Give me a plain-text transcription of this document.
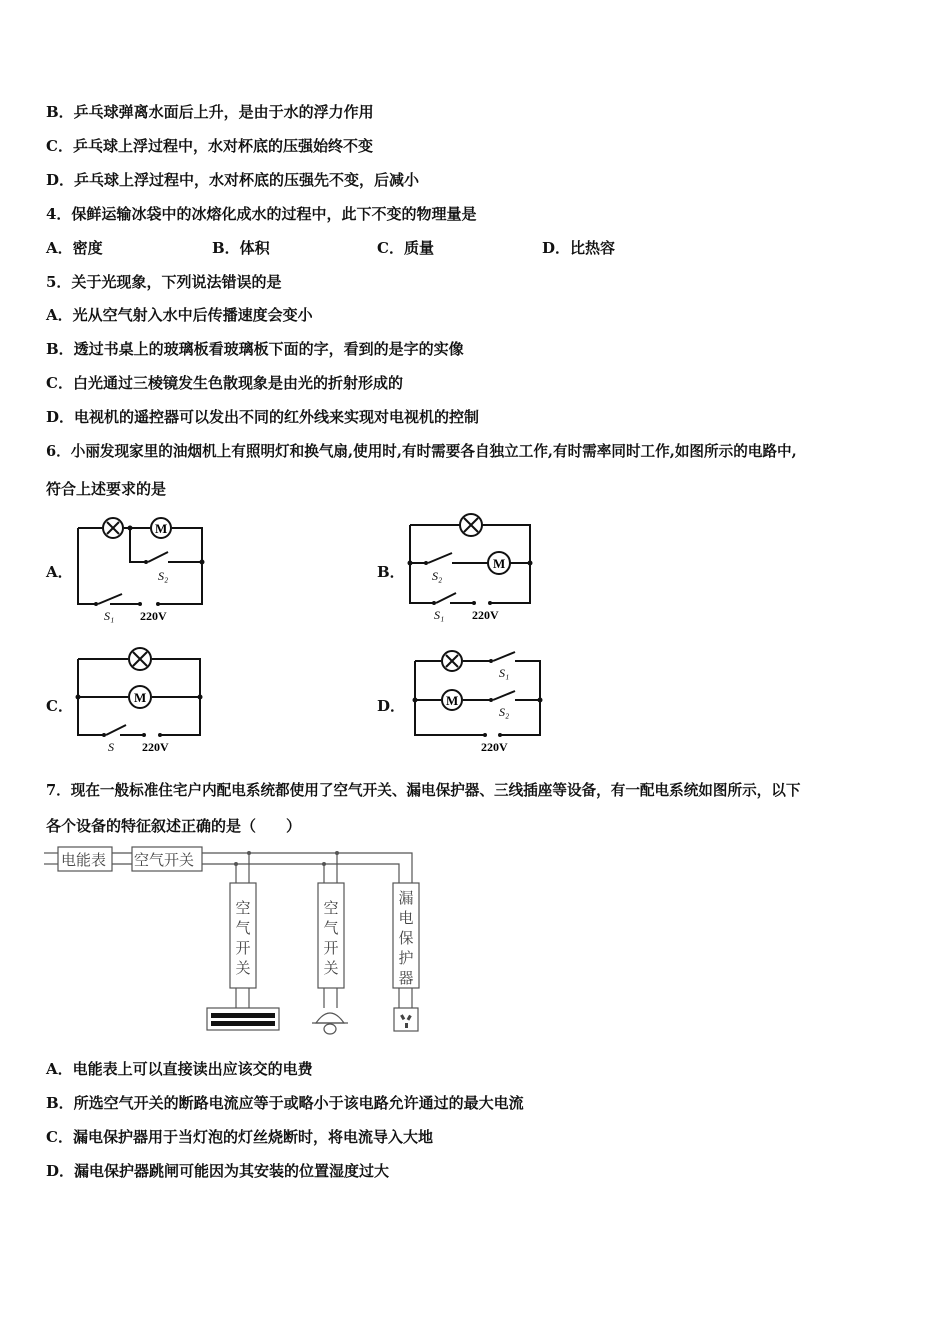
B．乒乓球弹离水面后上升，是由于水的浮力作用
C．乒乓球上浮过程中，水对杯底的压强始终不变
D．乒乓球上浮过程中，水对杯底的压强先不变，后减小
4．保鲜运输冰袋中的冰熔化成水的过程中，此下不变的物理量是
A．密度	B．体积	C．质量	D．比热容
5．关于光现象，下列说法错误的是
A．光从空气射入水中后传播速度会变小
B．透过书桌上的玻璃板看玻璃板下面的字，看到的是字的实像
C．白光通过三棱镜发生色散现象是由光的折射形成的
D．电视机的遥控器可以发出不同的红外线来实现对电视机的控制
6．小丽发现家里的油烟机上有照明灯和换气扇,使用时,有时需要各自独立工作,有时需率同时工作,如图所示的电路中,
符合上述要求的是
A．	B．
C．	D．
M
S₂
S₁ 220V
M
S₂
S₁ 220V
M
S 220V
M
S₁
S₂
220V
7．现在一般标准住宅户内配电系统都使用了空气开关、漏电保护器、三线插座等设备，有一配电系统如图所示，以下
各个设备的特征叙述正确的是（　　）
电能表 空气开关
空气开关
空气开关
漏电保护器
A．电能表上可以直接读出应该交的电费
B．所选空气开关的断路电流应等于或略小于该电路允许通过的最大电流
C．漏电保护器用于当灯泡的灯丝烧断时，将电流导入大地
D．漏电保护器跳闸可能因为其安装的位置湿度过大
